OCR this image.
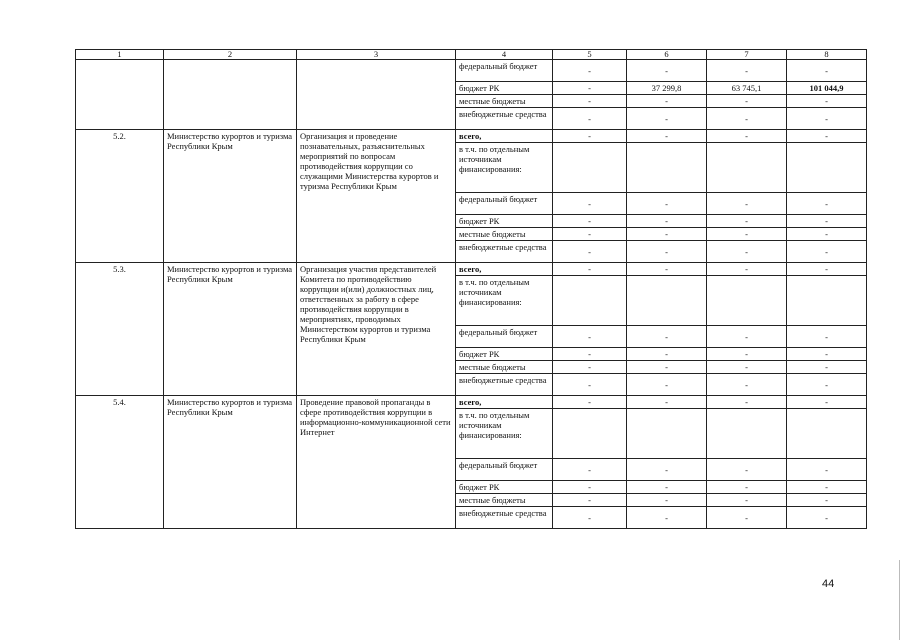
1	2	3	4	5	6	7	8
			федеральный бюджет	-	-	-	-
			бюджет РК	-	37 299,8	63 745,1	101 044,9
			местные бюджеты	-	-	-	-
			внебюджетные средства	-	-	-	-
5.2.	Министерство курортов и туризма Республики Крым	Организация и проведение познавательных, разъяснительных мероприятий по вопросам противодействия коррупции со служащими Министерства курортов и туризма Республики Крым	всего,	-	-	-	-
			в т.ч. по отдельным источникам финансирования:				
			федеральный бюджет	-	-	-	-
			бюджет РК	-	-	-	-
			местные бюджеты	-	-	-	-
			внебюджетные средства	-	-	-	-
5.3.	Министерство курортов и туризма Республики Крым	Организация участия представителей Комитета по противодействию коррупции и(или) должностных лиц, ответственных за работу в сфере противодействия коррупции в мероприятиях, проводимых Министерством курортов и туризма Республики Крым	всего,	-	-	-	-
			в т.ч. по отдельным источникам финансирования:				
			федеральный бюджет	-	-	-	-
			бюджет РК	-	-	-	-
			местные бюджеты	-	-	-	-
			внебюджетные средства	-	-	-	-
5.4.	Министерство курортов и туризма Республики Крым	Проведение правовой пропаганды в сфере противодействия коррупции в информационно-коммуникационной сети Интернет	всего,	-	-	-	-
			в т.ч. по отдельным источникам финансирования:				
			федеральный бюджет	-	-	-	-
			бюджет РК	-	-	-	-
			местные бюджеты	-	-	-	-
			внебюджетные средства	-	-	-	-
44
